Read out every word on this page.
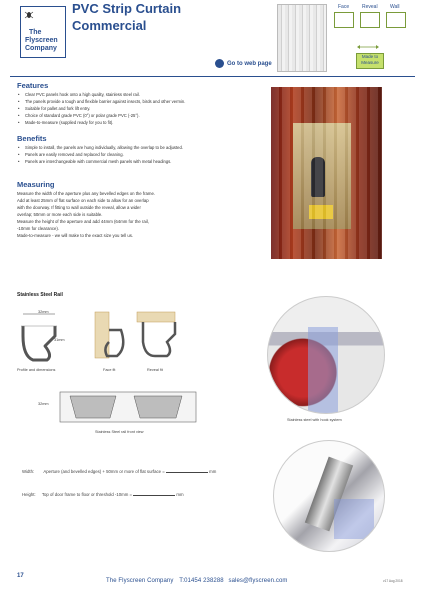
The
Flyscreen
Company
PVC Strip Curtain
Commercial
Go to web page
Face	Reveal Wall
Made to Measure
Features
• Clear PVC panels hook onto a high quality, stainless steel rail.
• The panels provide a tough and flexible barrier against insects, birds and other vermin.
• Suitable for pallet and fork lift entry.
• Choice of standard grade PVC (0°) or polar grade PVC (-25°).
• Made-to-measure (supplied ready for you to fit).
Benefits
• Simple to install, the panels are hung individually, allowing the overlap to be adjusted.
• Panels are easily removed and replaced for cleaning.
• Panels are interchangeable with commercial mesh panels with metal headings.
Measuring
Measure the width of the aperture plus any bevelled edges on the frame.
Add at least 25mm of flat surface on each side to allow for an overlap
with the doorway. If fitting to wall outside the reveal, allow a wider
overlap; 50mm or more each side is suitable.
Measure the height of the aperture and add 44mm (64mm for the rail,
-10mm for clearance).
Made-to-measure - we will make to the exact size you tell us.
Stainless Steel Rail
32mm
31mm
Profile and dimensions	Face fit	Reveal fit
32mm
Stainless Steel rail front view
Stainless steel with hook system
Width: Aperture (and bevelled edges) + 50mm or more of flat surface =	mm
Height: Top of door frame to floor or threshold -10mm =	mm
17
The Flyscreen Company T:01454 238288 sales@flyscreen.com	v17 Aug 2018
